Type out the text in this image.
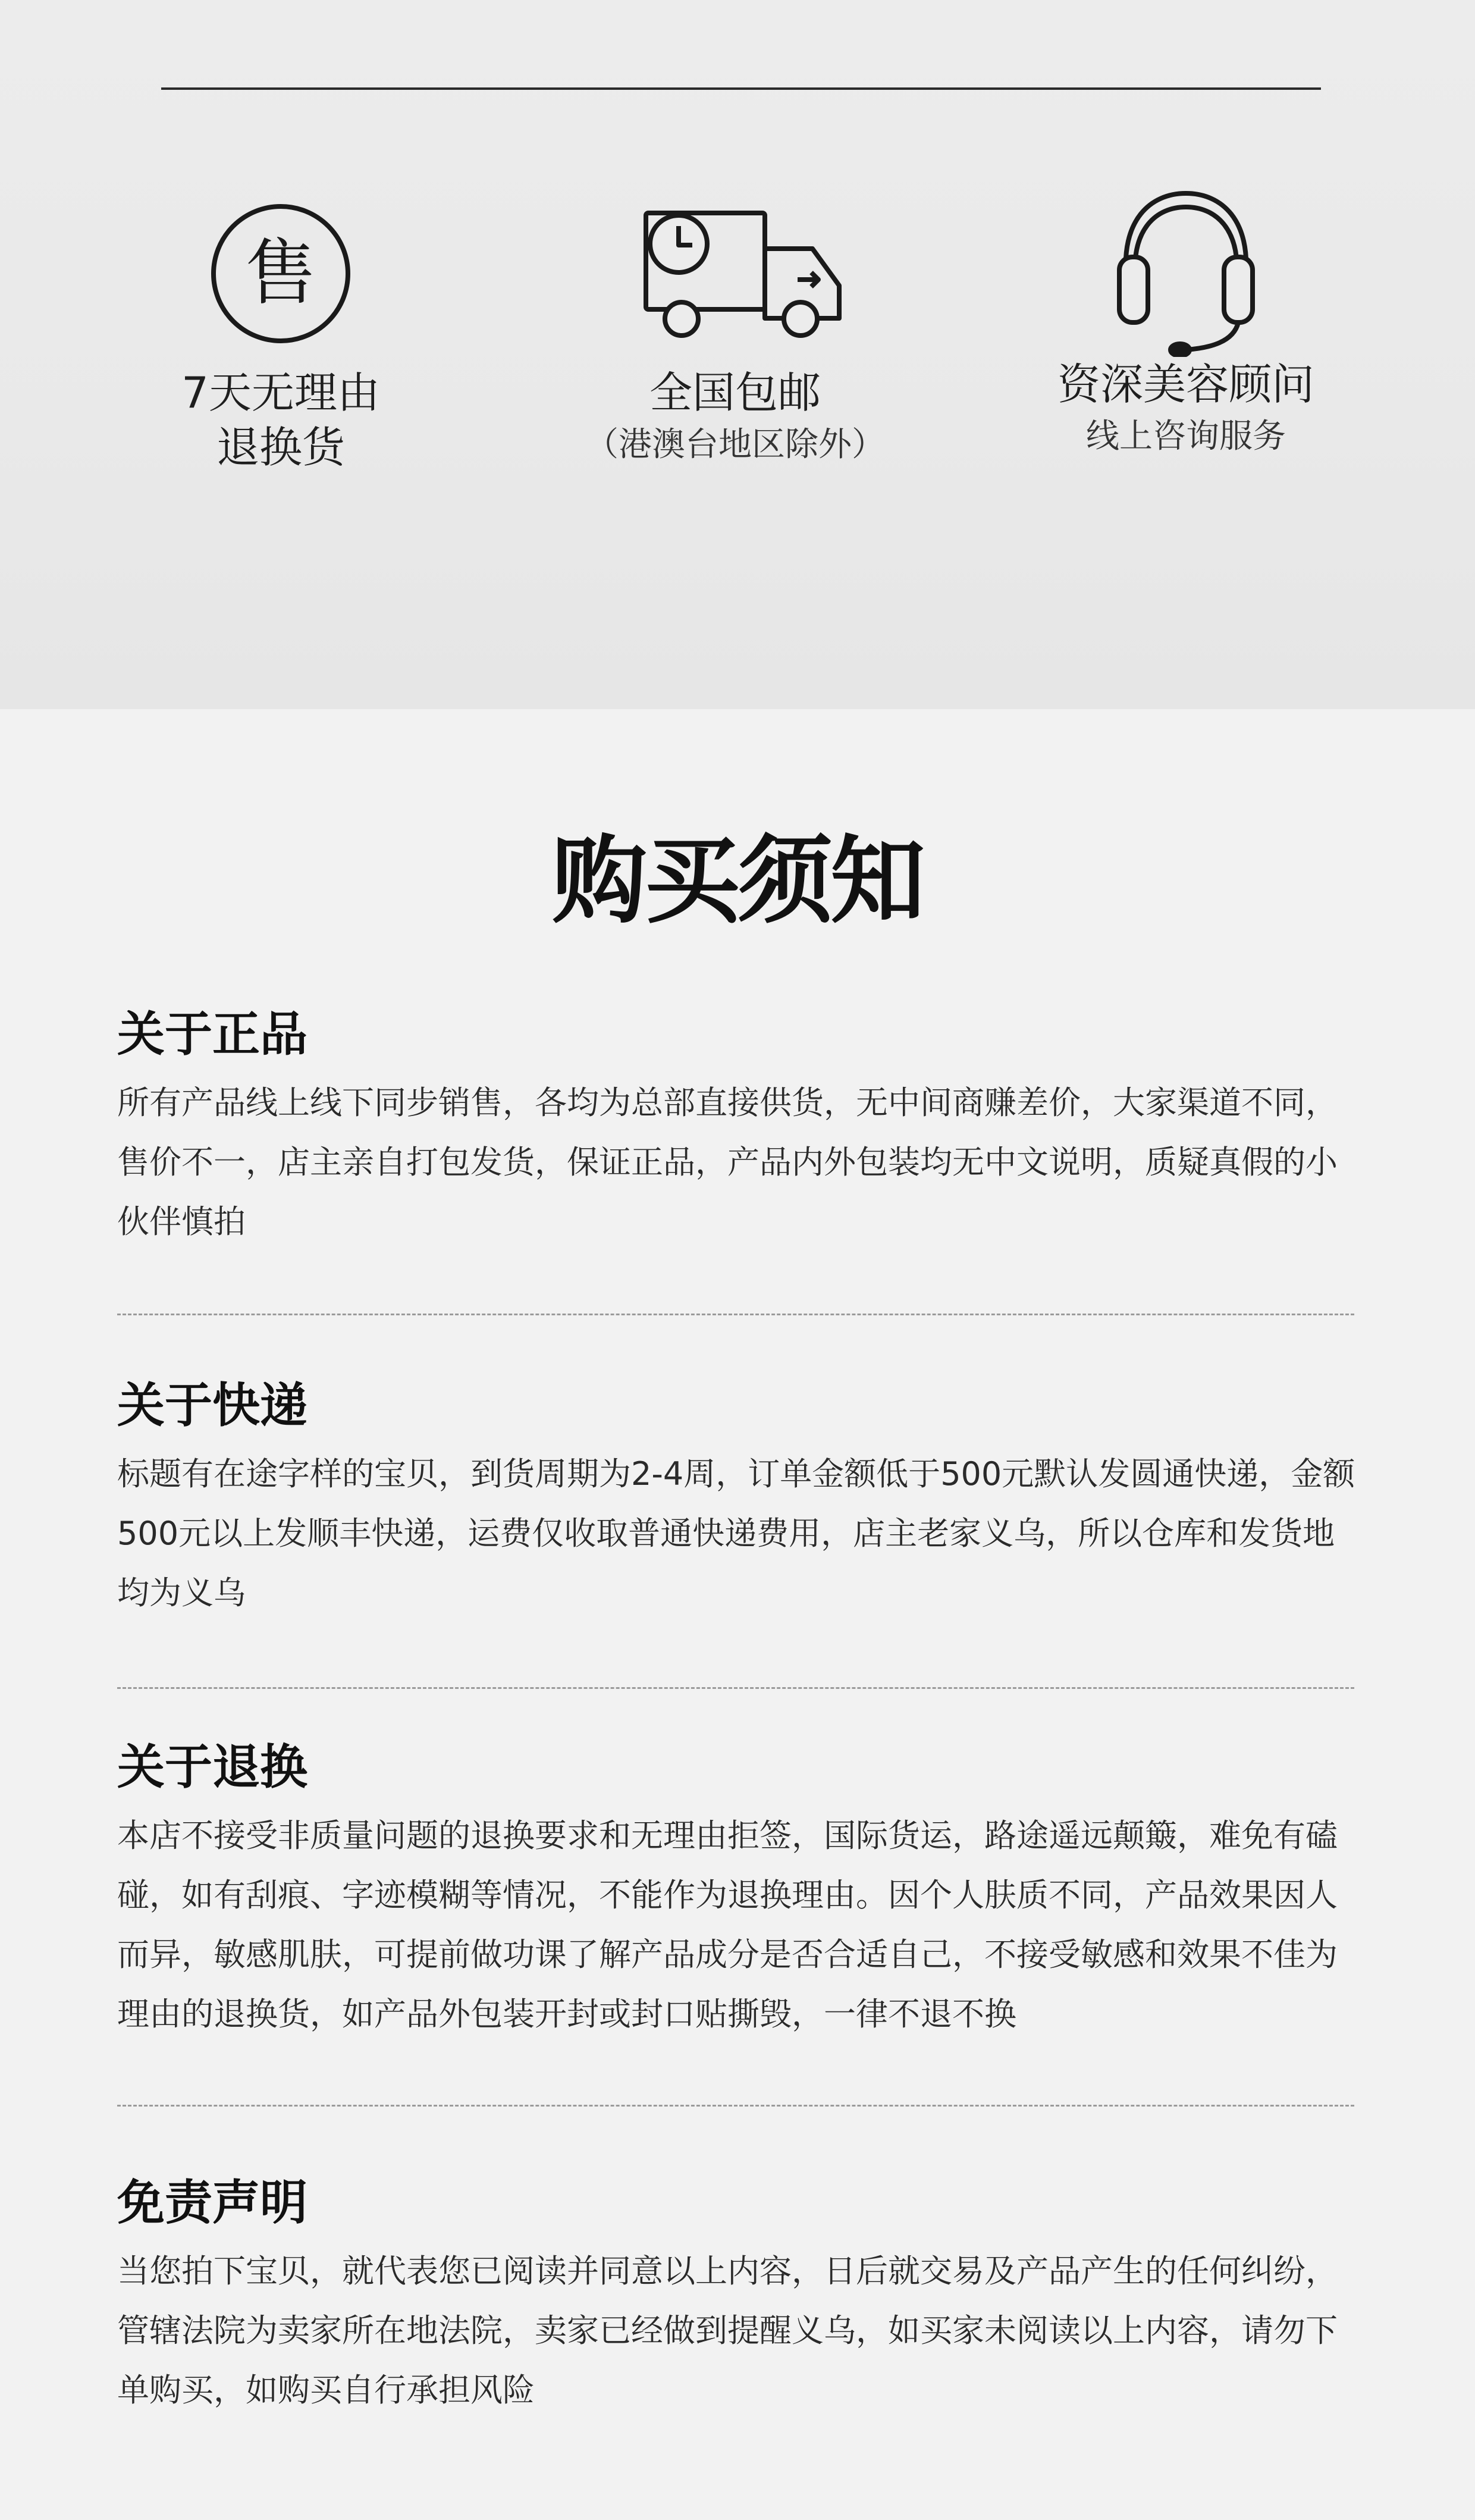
售

7天无理由

退换货

全国包邮

（港澳台地区除外）

资深美容顾问

线上咨询服务

购买须知
关于正品

所有产品线上线下同步销售，各均为总部直接供货，无中间商赚差价，大家渠道不同，售价不一，店主亲自打包发货，保证正品，产品内外包装均无中文说明，质疑真假的小伙伴慎拍

关于快递

标题有在途字样的宝贝，到货周期为2-4周，订单金额低于500元默认发圆通快递，金额500元以上发顺丰快递，运费仅收取普通快递费用，店主老家义乌，所以仓库和发货地均为义乌

关于退换

本店不接受非质量问题的退换要求和无理由拒签，国际货运，路途遥远颠簸，难免有磕碰，如有刮痕、字迹模糊等情况，不能作为退换理由。因个人肤质不同，产品效果因人而异，敏感肌肤，可提前做功课了解产品成分是否合适自己，不接受敏感和效果不佳为理由的退换货，如产品外包装开封或封口贴撕毁，一律不退不换

免责声明

当您拍下宝贝，就代表您已阅读并同意以上内容，日后就交易及产品产生的任何纠纷，管辖法院为卖家所在地法院，卖家已经做到提醒义乌，如买家未阅读以上内容，请勿下单购买，如购买自行承担风险
